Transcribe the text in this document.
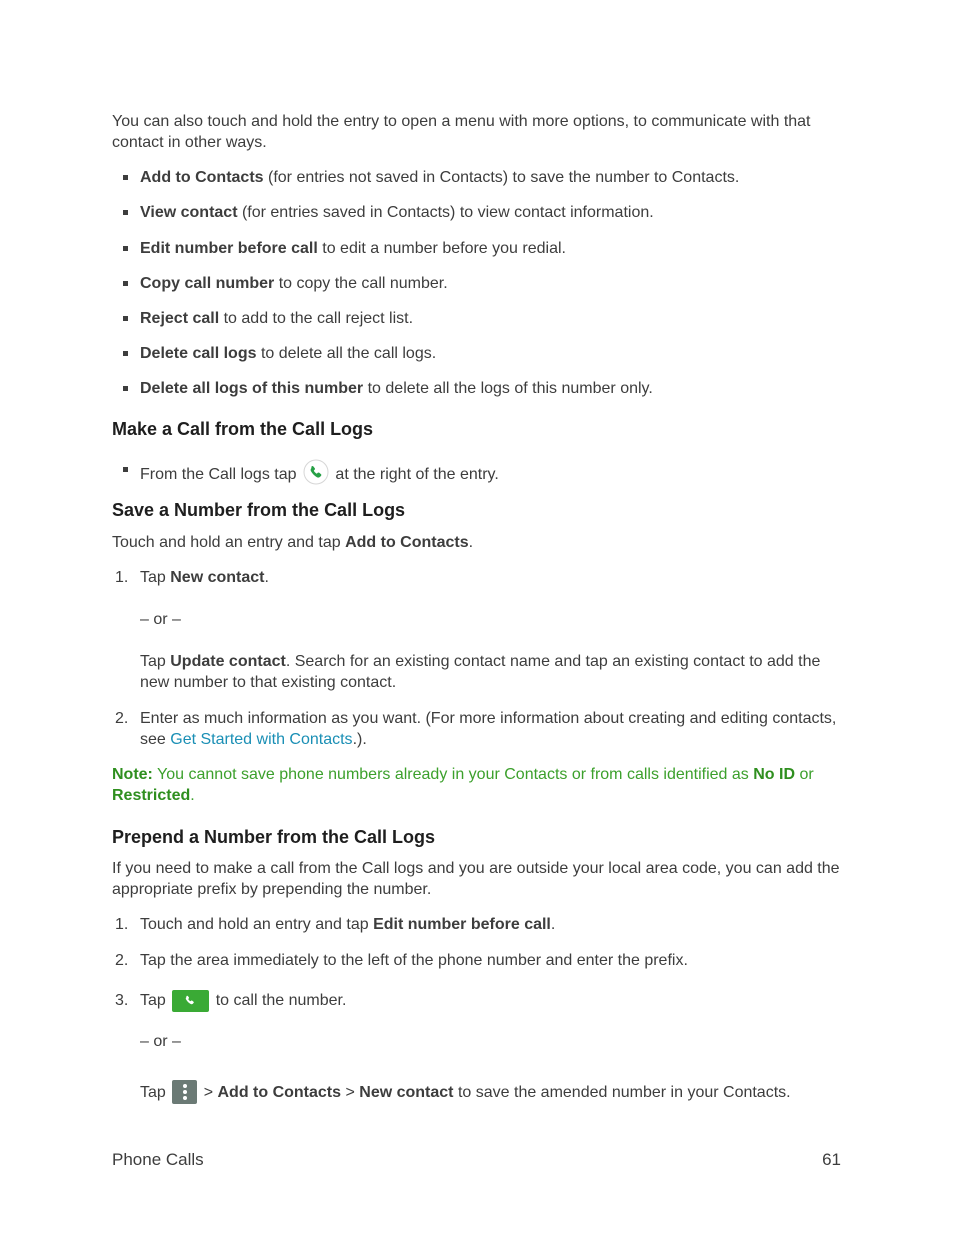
You can also touch and hold the entry to open a menu with more options, to communicate with that contact in other ways.
Add to Contacts (for entries not saved in Contacts) to save the number to Contacts.
View contact (for entries saved in Contacts) to view contact information.
Edit number before call to edit a number before you redial.
Copy call number to copy the call number.
Reject call to add to the call reject list.
Delete call logs to delete all the call logs.
Delete all logs of this number to delete all the logs of this number only.
Make a Call from the Call Logs
From the Call logs tap at the right of the entry.
Save a Number from the Call Logs
Touch and hold an entry and tap Add to Contacts.
1. Tap New contact.
– or –
Tap Update contact. Search for an existing contact name and tap an existing contact to add the new number to that existing contact.
2. Enter as much information as you want. (For more information about creating and editing contacts, see Get Started with Contacts.).
Note: You cannot save phone numbers already in your Contacts or from calls identified as No ID or Restricted.
Prepend a Number from the Call Logs
If you need to make a call from the Call logs and you are outside your local area code, you can add the appropriate prefix by prepending the number.
1. Touch and hold an entry and tap Edit number before call.
2. Tap the area immediately to the left of the phone number and enter the prefix.
3. Tap	to call the number.
– or –
Tap  > Add to Contacts > New contact to save the amended number in your Contacts.
Phone Calls	61
